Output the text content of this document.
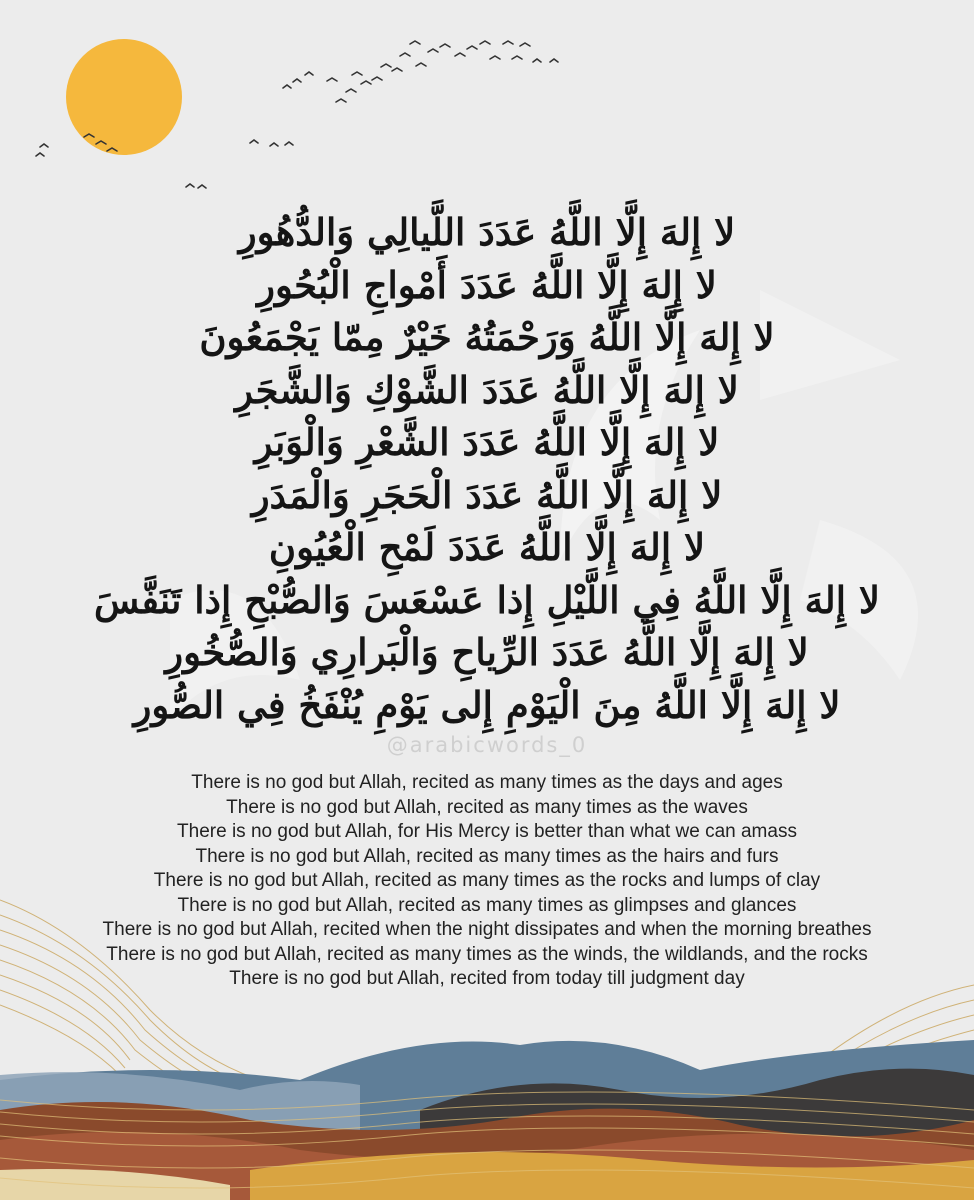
لا إِلهَ إِلَّا اللَّهُ عَدَدَ اللَّيالِي وَالدُّهُورِ
لا إِلهَ إِلَّا اللَّهُ عَدَدَ أَمْواجِ الْبُحُورِ
لا إِلهَ إِلَّا اللَّهُ وَرَحْمَتُهُ خَيْرٌ مِمّا يَجْمَعُونَ
لا إِلهَ إِلَّا اللَّهُ عَدَدَ الشَّوْكِ وَالشَّجَرِ
لا إِلهَ إِلَّا اللَّهُ عَدَدَ الشَّعْرِ وَالْوَبَرِ
لا إِلهَ إِلَّا اللَّهُ عَدَدَ الْحَجَرِ وَالْمَدَرِ
لا إِلهَ إِلَّا اللَّهُ عَدَدَ لَمْحِ الْعُيُونِ
لا إِلهَ إِلَّا اللَّهُ فِي اللَّيْلِ إِذا عَسْعَسَ وَالصُّبْحِ إِذا تَنَفَّسَ
لا إِلهَ إِلَّا اللَّهُ عَدَدَ الرِّياحِ وَالْبَرارِي وَالصُّخُورِ
لا إِلهَ إِلَّا اللَّهُ مِنَ الْيَوْمِ إِلى يَوْمِ يُنْفَخُ فِي الصُّورِ
@arabicwords_0
There is no god but Allah, recited as many times as the days and ages
There is no god but Allah, recited as many times as the waves
There is no god but Allah, for His Mercy is better than what we can amass
There is no god but Allah, recited as many times as the hairs and furs
There is no god but Allah, recited as many times as the rocks and lumps of clay
There is no god but Allah, recited as many times as glimpses and glances
There is no god but Allah, recited when the night dissipates and when the morning breathes
There is no god but Allah, recited as many times as the winds, the wildlands, and the rocks
There is no god but Allah, recited from today till judgment day
